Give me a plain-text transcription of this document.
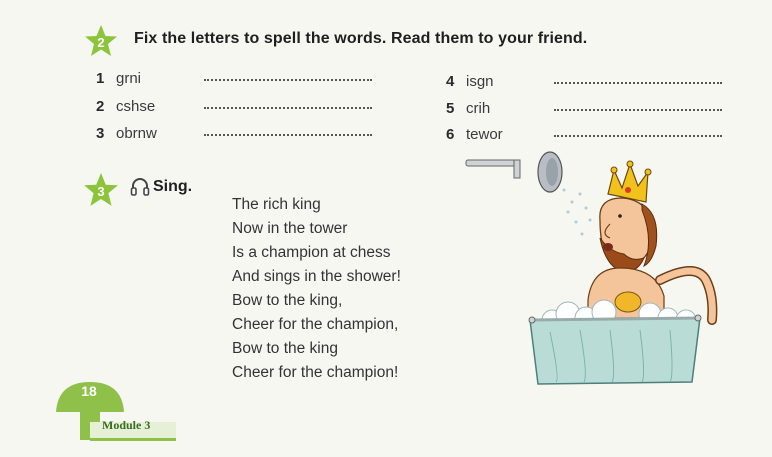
2	Fix the letters to spell the words. Read them to your friend.
1 grni
2 cshse
3 obrnw
4 isgn
5 crih
6 tewor
3	Sing.
The rich king
Now in the tower
Is a champion at chess
And sings in the shower!
Bow to the king,
Cheer for the champion,
Bow to the king
Cheer for the champion!
18
Module 3
